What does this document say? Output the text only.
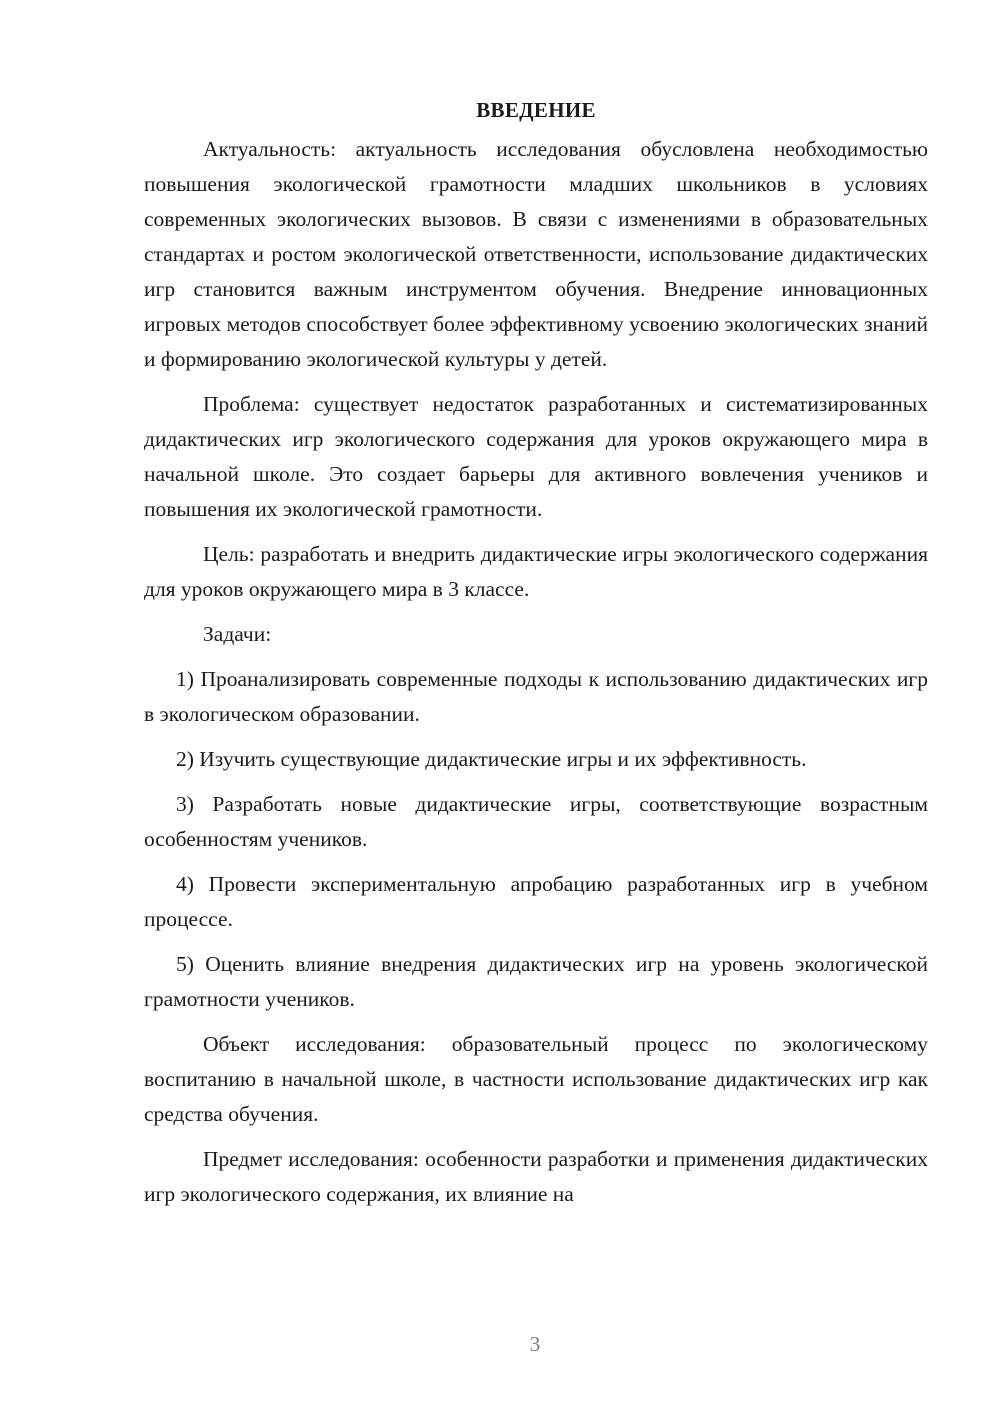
ВВЕДЕНИЕ

Актуальность: актуальность исследования обусловлена необходимостью повышения экологической грамотности младших школьников в условиях современных экологических вызовов. В связи с изменениями в образовательных стандартах и ростом экологической ответственности, использование дидактических игр становится важным инструментом обучения. Внедрение инновационных игровых методов способствует более эффективному усвоению экологических знаний и формированию экологической культуры у детей.

Проблема: существует недостаток разработанных и систематизированных дидактических игр экологического содержания для уроков окружающего мира в начальной школе. Это создает барьеры для активного вовлечения учеников и повышения их экологической грамотности.

Цель: разработать и внедрить дидактические игры экологического содержания для уроков окружающего мира в 3 классе.

Задачи:

1) Проанализировать современные подходы к использованию дидактических игр в экологическом образовании.

2) Изучить существующие дидактические игры и их эффективность.

3) Разработать новые дидактические игры, соответствующие возрастным особенностям учеников.

4) Провести экспериментальную апробацию разработанных игр в учебном процессе.

5) Оценить влияние внедрения дидактических игр на уровень экологической грамотности учеников.

Объект исследования: образовательный процесс по экологическому воспитанию в начальной школе, в частности использование дидактических игр как средства обучения.

Предмет исследования: особенности разработки и применения дидактических игр экологического содержания, их влияние на

3
